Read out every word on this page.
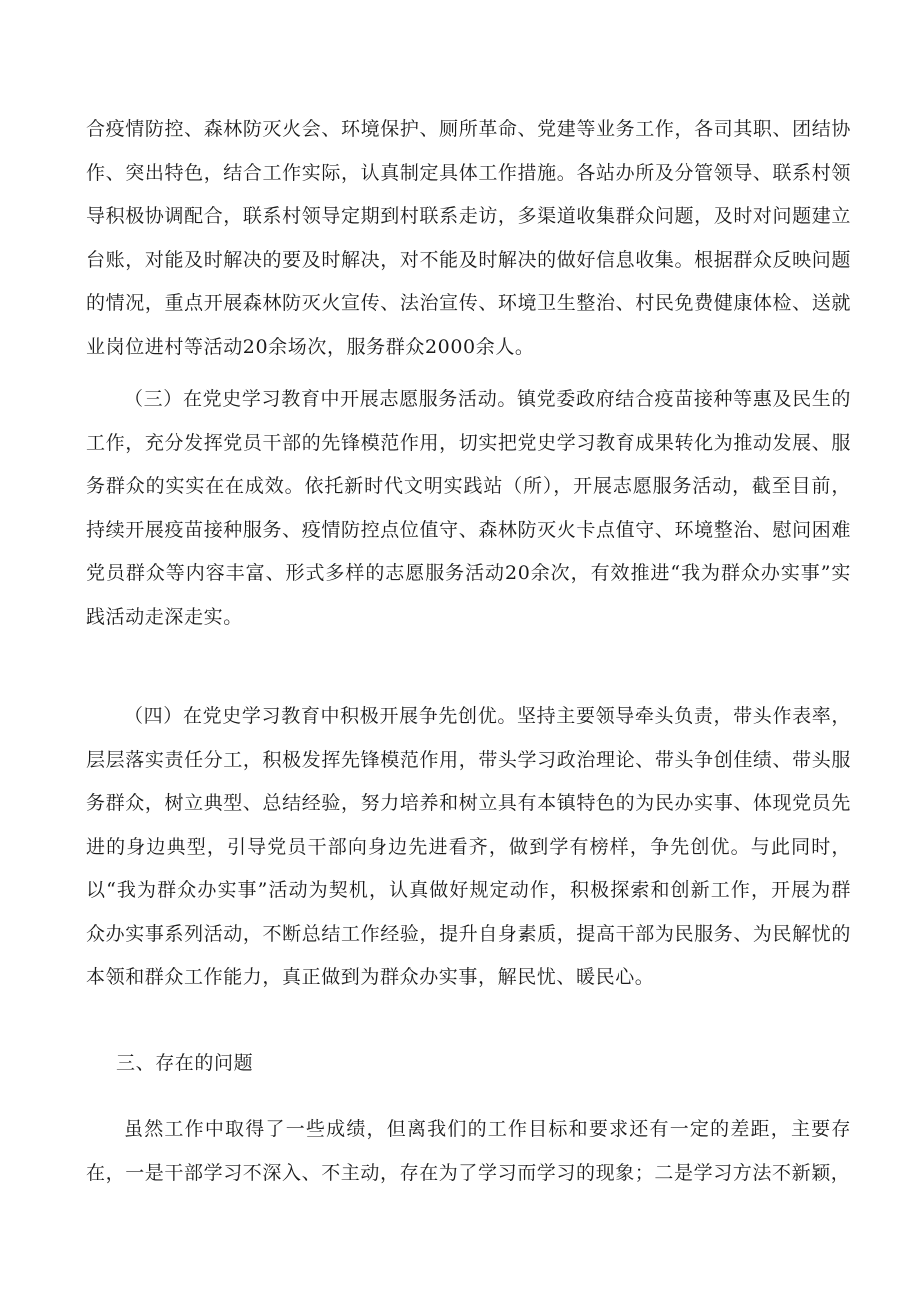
合疫情防控、森林防灭火会、环境保护、厕所革命、党建等业务工作，各司其职、团结协作、突出特色，结合工作实际，认真制定具体工作措施。各站办所及分管领导、联系村领导积极协调配合，联系村领导定期到村联系走访，多渠道收集群众问题，及时对问题建立台账，对能及时解决的要及时解决，对不能及时解决的做好信息收集。根据群众反映问题的情况，重点开展森林防灭火宣传、法治宣传、环境卫生整治、村民免费健康体检、送就业岗位进村等活动20余场次，服务群众2000余人。

（三）在党史学习教育中开展志愿服务活动。镇党委政府结合疫苗接种等惠及民生的工作，充分发挥党员干部的先锋模范作用，切实把党史学习教育成果转化为推动发展、服务群众的实实在在成效。依托新时代文明实践站（所），开展志愿服务活动，截至目前，持续开展疫苗接种服务、疫情防控点位值守、森林防灭火卡点值守、环境整治、慰问困难党员群众等内容丰富、形式多样的志愿服务活动20余次，有效推进“我为群众办实事”实践活动走深走实。

（四）在党史学习教育中积极开展争先创优。坚持主要领导牵头负责，带头作表率，层层落实责任分工，积极发挥先锋模范作用，带头学习政治理论、带头争创佳绩、带头服务群众，树立典型、总结经验，努力培养和树立具有本镇特色的为民办实事、体现党员先进的身边典型，引导党员干部向身边先进看齐，做到学有榜样，争先创优。与此同时，以“我为群众办实事”活动为契机，认真做好规定动作，积极探索和创新工作，开展为群众办实事系列活动，不断总结工作经验，提升自身素质，提高干部为民服务、为民解忧的本领和群众工作能力，真正做到为群众办实事，解民忧、暖民心。

三、存在的问题

虽然工作中取得了一些成绩，但离我们的工作目标和要求还有一定的差距，主要存在，一是干部学习不深入、不主动，存在为了学习而学习的现象；二是学习方法不新颖，
